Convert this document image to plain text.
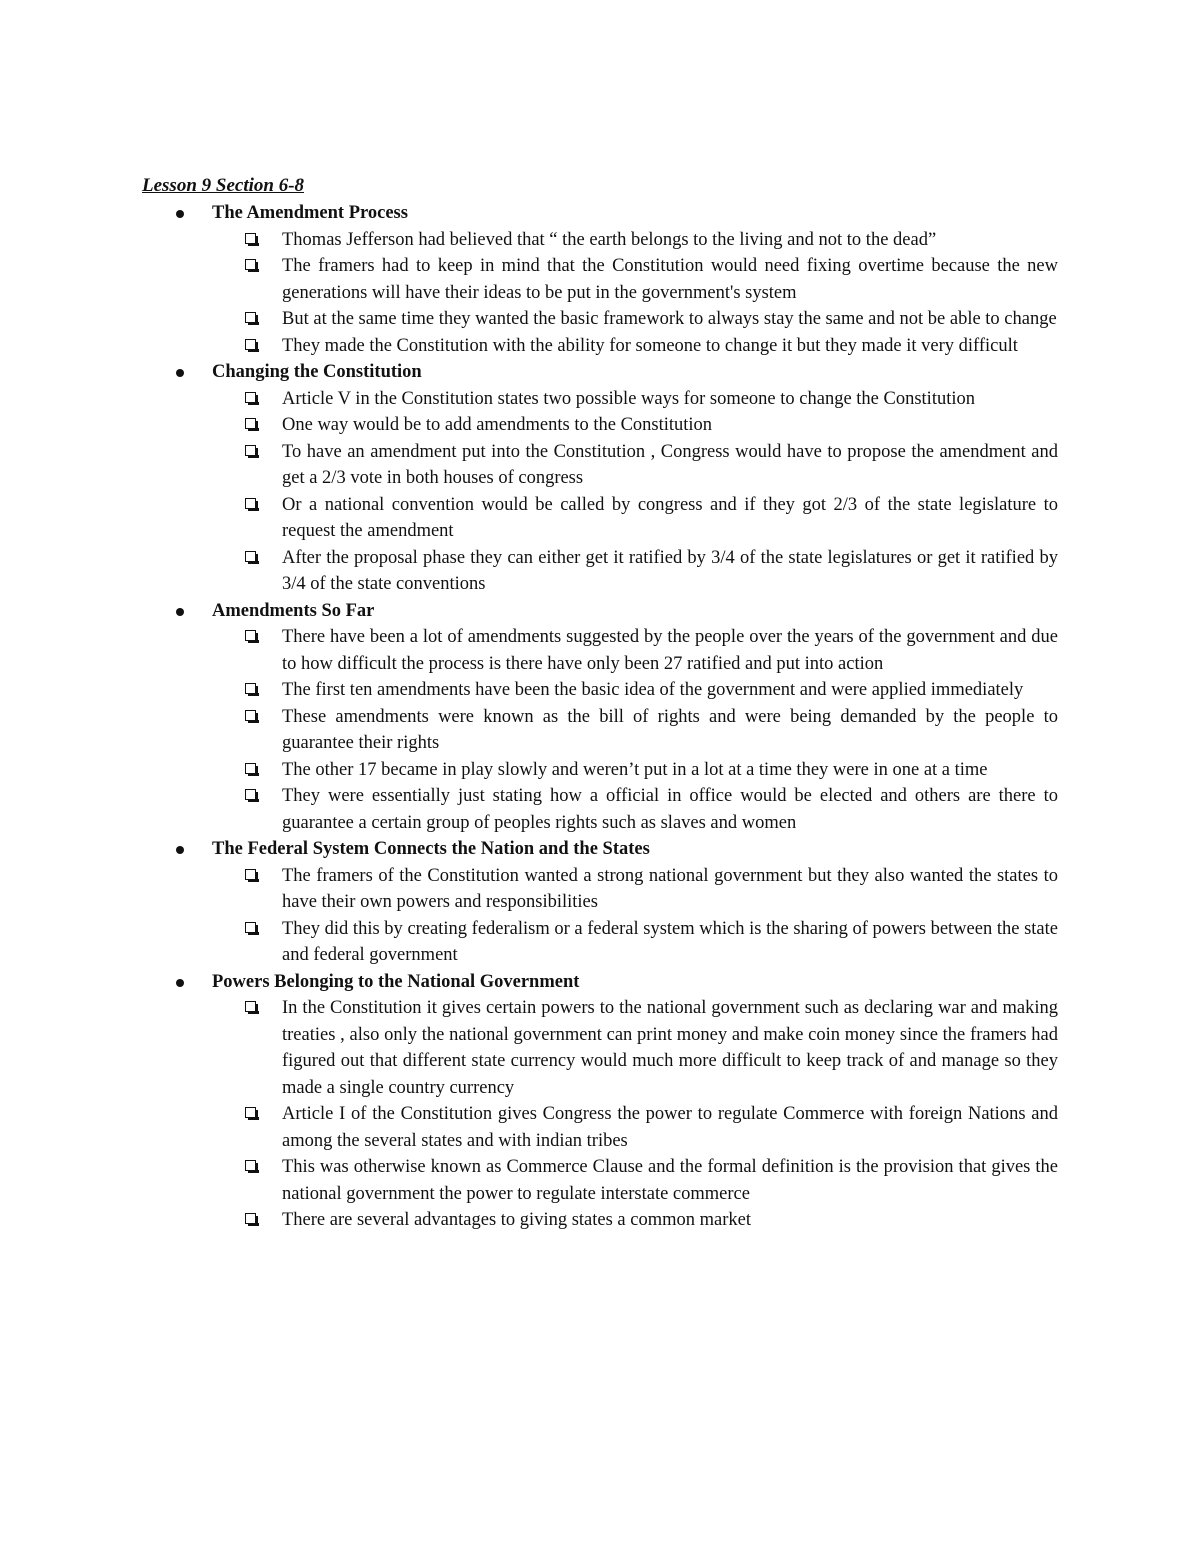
Lesson 9 Section 6-8
The Amendment Process
Thomas Jefferson had believed that “ the earth belongs to the living and not to the dead”
The framers had to keep in mind that the Constitution would need fixing overtime because the new generations will have their ideas to be put in the government's system
But at the same time they wanted the basic framework to always stay the same and not be able to change
They made the Constitution with the ability for someone to change it but they made it very difficult
Changing the Constitution
Article V in the Constitution states two possible ways for someone to change the Constitution
One way would be to add amendments to the Constitution
To have an amendment put into the Constitution , Congress would have to propose the amendment and get a 2/3 vote in both houses of congress
Or a national convention would be called by congress and if they got 2/3 of the state legislature to request the amendment
After the proposal phase they can either get it ratified by 3/4 of the state legislatures or get it ratified by 3/4 of the state conventions
Amendments So Far
There have been a lot of amendments suggested by the people over the years of the government and due to how difficult the process is there have only been 27 ratified and put into action
The first ten amendments have been the basic idea of the government and were applied immediately
These amendments were known as the bill of rights and were being demanded by the people to guarantee their rights
The other 17 became in play slowly and weren’t put in a lot at a time they were in one at a time
They were essentially just stating how a official in office would be elected and others are there to guarantee a certain group of peoples rights such as slaves and women
The Federal System Connects the Nation and the States
The framers of the Constitution wanted a strong national government but they also wanted the states to have their own powers and responsibilities
They did this by creating federalism or a federal system which is the sharing of powers between the state and federal government
Powers Belonging to the National Government
In the Constitution it gives certain powers to the national government such as declaring war and making treaties , also only the national government can print money and make coin money since the framers had figured out that different state currency would much more difficult to keep track of and manage so they made a single country currency
Article I of the Constitution gives Congress the power to regulate Commerce with foreign Nations and among the several states and with indian tribes
This was otherwise known as Commerce Clause and the formal definition is the provision that gives the national government the power to regulate interstate commerce
There are several advantages to giving states a common market
